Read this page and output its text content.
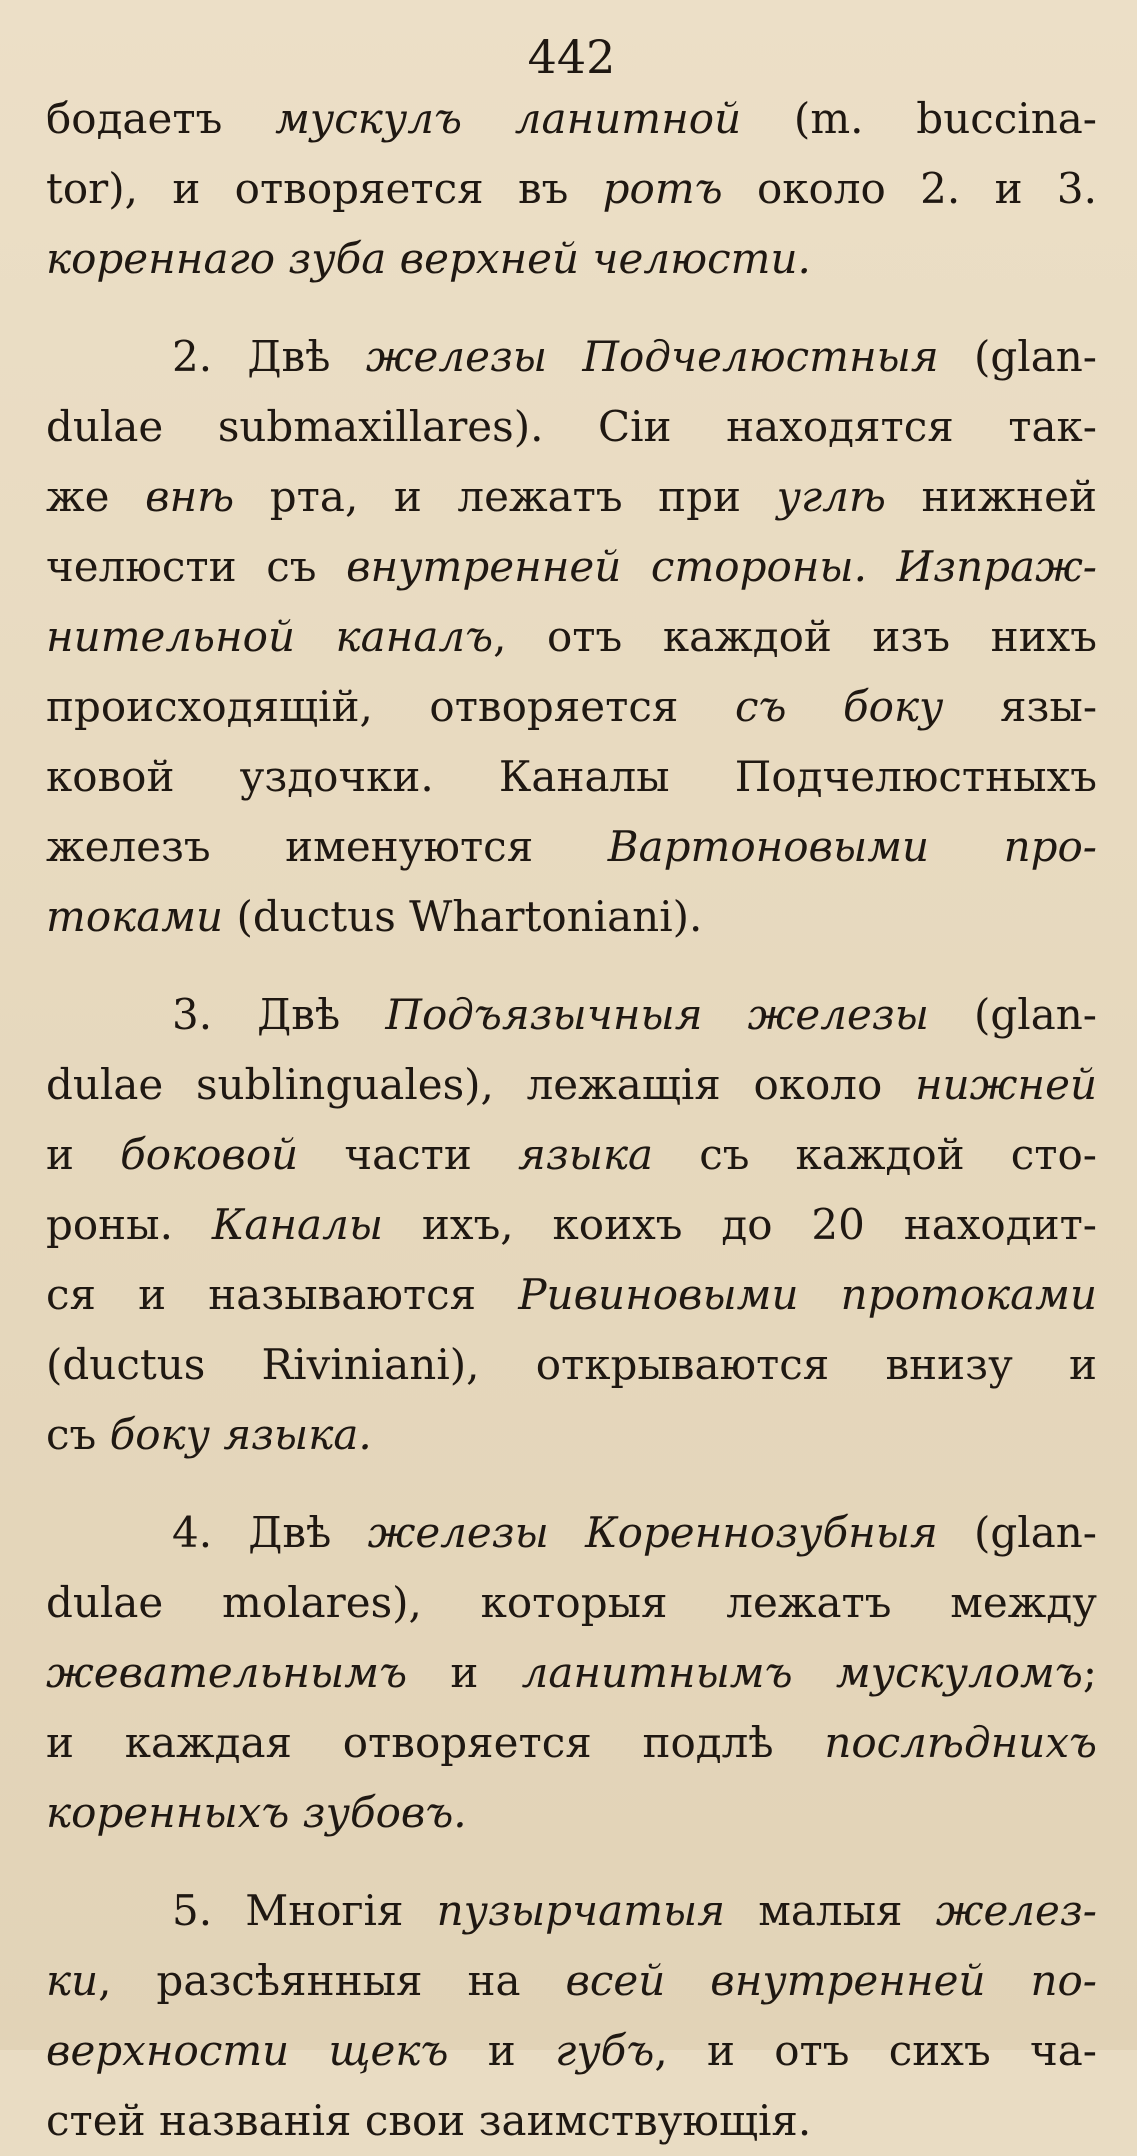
442
бодаетъ мускулъ ланитной (m. buccina-
tor), и отворяется въ ротъ около 2. и 3.
кореннаго зуба верхней челюсти.
2. Двѣ железы Подчелюстныя (glan-
dulae submaxillares). Сіи находятся так-
же внѣ рта, и лежатъ при углѣ нижней
челюсти съ внутренней стороны. Изпраж-
нительной каналъ, отъ каждой изъ нихъ
происходящій, отворяется съ боку язы-
ковой уздочки. Каналы Подчелюстныхъ
железъ именуются Вартоновыми про-
токами (ductus Whartoniani).
3. Двѣ Подъязычныя железы (glan-
dulae sublinguales), лежащія около нижней
и боковой части языка съ каждой сто-
роны. Каналы ихъ, коихъ до 20 находит-
ся и называются Ривиновыми протоками
(ductus Riviniani), открываются внизу и
съ боку языка.
4. Двѣ железы Кореннозубныя (glan-
dulae molares), которыя лежатъ между
жевательнымъ и ланитнымъ мускуломъ;
и каждая отворяется подлѣ послѣднихъ
коренныхъ зубовъ.
5. Многія пузырчатыя малыя желез-
ки, разсѣянныя на всей внутренней по-
верхности щекъ и губъ, и отъ сихъ ча-
стей названія свои заимствующія.
